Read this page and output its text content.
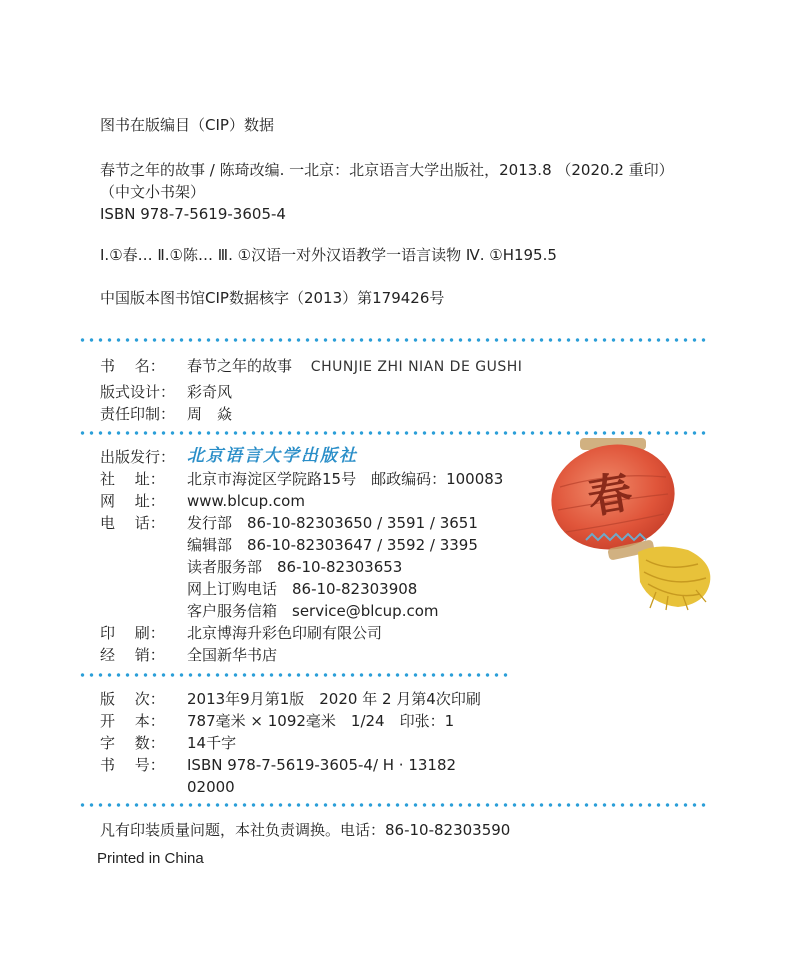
图书在版编目（CIP）数据
春节之年的故事 / 陈琦改编. 一北京：北京语言大学出版社，2013.8 （2020.2 重印）
（中文小书架）
ISBN 978-7-5619-3605-4
Ⅰ.①春… Ⅱ.①陈… Ⅲ. ①汉语一对外汉语教学一语言读物 Ⅳ. ①H195.5
中国版本图书馆CIP数据核字（2013）第179426号
书　 名： 春节之年的故事 CHUNJIE ZHI NIAN DE GUSHI
版式设计： 彩奇风
责任印制： 周　焱
出版发行： 北京语言大学出版社
社　 址： 北京市海淀区学院路15号　邮政编码：100083
网　 址： www.blcup.com
电　 话： 发行部　86-10-82303650 / 3591 / 3651
编辑部　86-10-82303647 / 3592 / 3395
读者服务部　86-10-82303653
网上订购电话　86-10-82303908
客户服务信箱　service@blcup.com
印　 刷： 北京博海升彩色印刷有限公司
经　 销： 全国新华书店
版　 次： 2013年9月第1版　2020 年 2 月第4次印刷
开　 本： 787毫米 × 1092毫米　1/24　印张：1
字　 数： 14千字
书　 号： ISBN 978-7-5619-3605-4/ H · 13182
02000
凡有印装质量问题，本社负责调换。电话：86-10-82303590
Printed in China
春
